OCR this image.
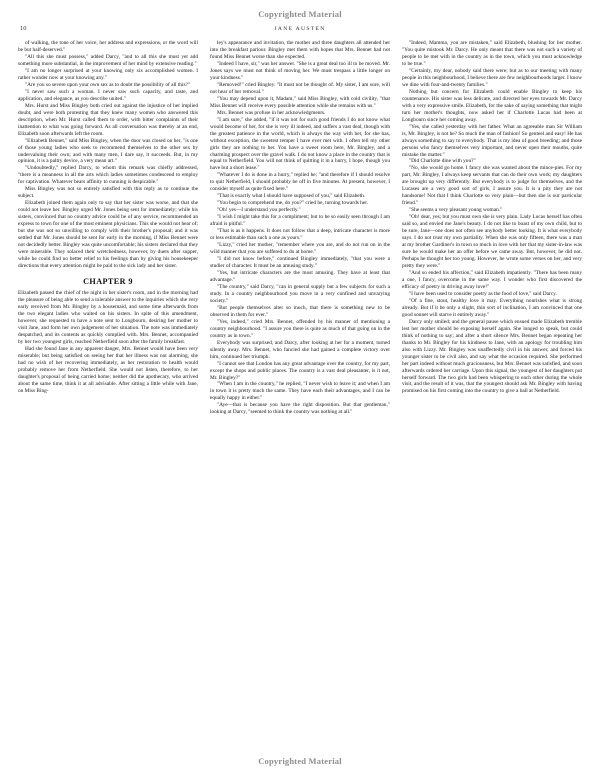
Copyrighted Material
10	JANE AUSTEN

of walking, the tone of her voice, her address and expressions, or the word will be but half-deserved."

"All this she must possess," added Darcy, "and to all this she must yet add something more substantial, in the improvement of her mind by extensive reading."

"I am no longer surprised at your knowing only six accomplished women. I rather wonder now at your knowing any."

"Are you so severe upon your own sex as to doubt the possibility of all this?"

"I never saw such a woman. I never saw such capacity, and taste, and application, and elegance, as you describe united."

Mrs. Hurst and Miss Bingley both cried out against the injustice of her implied doubt, and were both protesting that they knew many women who answered this description, when Mr. Hurst called them to order, with bitter complaints of their inattention to what was going forward. As all conversation was thereby at an end, Elizabeth soon afterwards left the room.

"Elizabeth Bennet," said Miss Bingley, when the door was closed on her, "is one of those young ladies who seek to recommend themselves to the other sex by undervaluing their own; and with many men, I dare say, it succeeds. But, in my opinion, it is a paltry device, a very mean art."

"Undoubtedly," replied Darcy, to whom this remark was chiefly addressed, "there is a meanness in all the arts which ladies sometimes condescend to employ for captivation. Whatever bears affinity to cunning is despicable."

Miss Bingley was not so entirely satisfied with this reply as to continue the subject.

Elizabeth joined them again only to say that her sister was worse, and that she could not leave her. Bingley urged Mr. Jones being sent for immediately; while his sisters, convinced that no country advice could be of any service, recommended an express to town for one of the most eminent physicians. This she would not hear of; but she was not so unwilling to comply with their brother's proposal; and it was settled that Mr. Jones should be sent for early in the morning, if Miss Bennet were not decidedly better. Bingley was quite uncomfortable; his sisters declared that they were miserable. They solaced their wretchedness, however, by duets after supper, while he could find no better relief to his feelings than by giving his housekeeper directions that every attention might be paid to the sick lady and her sister.

CHAPTER 9

Elizabeth passed the chief of the night in her sister's room, and in the morning had the pleasure of being able to send a tolerable answer to the inquiries which she very early received from Mr. Bingley by a housemaid, and some time afterwards from the two elegant ladies who waited on his sisters. In spite of this amendment, however, she requested to have a note sent to Longbourn, desiring her mother to visit Jane, and form her own judgement of her situation. The note was immediately despatched, and its contents as quickly complied with. Mrs. Bennet, accompanied by her two youngest girls, reached Netherfield soon after the family breakfast.

Had she found Jane in any apparent danger, Mrs. Bennet would have been very miserable; but being satisfied on seeing her that her illness was not alarming, she had no wish of her recovering immediately, as her restoration to health would probably remove her from Netherfield. She would not listen, therefore, to her daughter's proposal of being carried home; neither did the apothecary, who arrived about the same time, think it at all advisable. After sitting a little while with Jane, on Miss Bing-

ley's appearance and invitation, the mother and three daughters all attended her into the breakfast parlour. Bingley met them with hopes that Mrs. Bennet had not found Miss Bennet worse than she expected.

"Indeed I have, sir," was her answer. "She is a great deal too ill to be moved. Mr. Jones says we must not think of moving her. We must trespass a little longer on your kindness."

"Removed!" cried Bingley. "It must not be thought of. My sister, I am sure, will not hear of her removal."

"You may depend upon it, Madam," said Miss Bingley, with cold civility, "that Miss Bennet will receive every possible attention while she remains with us."

Mrs. Bennet was profuse in her acknowledgments.

"I am sure," she added, "if it was not for such good friends I do not know what would become of her, for she is very ill indeed, and suffers a vast deal, though with the greatest patience in the world, which is always the way with her, for she has, without exception, the sweetest temper I have ever met with. I often tell my other girls they are nothing to her. You have a sweet room here, Mr. Bingley, and a charming prospect over the gravel walk. I do not know a place in the country that is equal to Netherfield. You will not think of quitting it in a hurry, I hope, though you have but a short lease."

"Whatever I do is done in a hurry," replied he; "and therefore if I should resolve to quit Netherfield, I should probably be off in five minutes. At present, however, I consider myself as quite fixed here."

"That is exactly what I should have supposed of you," said Elizabeth.

"You begin to comprehend me, do you?" cried he, turning towards her.

"Oh! yes—I understand you perfectly."

"I wish I might take this for a compliment; but to be so easily seen through I am afraid is pitiful."

"That is as it happens. It does not follow that a deep, intricate character is more or less estimable than such a one as yours."

"Lizzy," cried her mother, "remember where you are, and do not run on in the wild manner that you are suffered to do at home."

"I did not know before," continued Bingley immediately, "that you were a studier of character. It must be an amusing study."

"Yes, but intricate characters are the most amusing. They have at least that advantage."

"The country," said Darcy, "can in general supply but a few subjects for such a study. In a country neighbourhood you move in a very confined and unvarying society."

"But people themselves alter so much, that there is something new to be observed in them for ever."

"Yes, indeed," cried Mrs. Bennet, offended by his manner of mentioning a country neighbourhood. "I assure you there is quite as much of that going on in the country as in town."

Everybody was surprised, and Darcy, after looking at her for a moment, turned silently away. Mrs. Bennet, who fancied she had gained a complete victory over him, continued her triumph.

"I cannot see that London has any great advantage over the country, for my part, except the shops and public places. The country is a vast deal pleasanter, is it not, Mr. Bingley?"

"When I am in the country," he replied, "I never wish to leave it; and when I am in town it is pretty much the same. They have each their advantages, and I can be equally happy in either."

"Aye—that is because you have the right disposition. But that gentleman," looking at Darcy, "seemed to think the country was nothing at all."

"Indeed, Mamma, you are mistaken," said Elizabeth, blushing for her mother. "You quite mistook Mr. Darcy. He only meant that there was not such a variety of people to be met with in the country as in the town, which you must acknowledge to be true."

"Certainly, my dear, nobody said there were; but as to our meeting with many people in this neighbourhood, I believe there are few neighbourhoods larger. I know we dine with four-and-twenty families."

Nothing but concern for Elizabeth could enable Bingley to keep his countenance. His sister was less delicate, and directed her eyes towards Mr. Darcy with a very expressive smile. Elizabeth, for the sake of saying something that might turn her mother's thoughts, now asked her if Charlotte Lucas had been at Longbourn since her coming away.

"Yes, she called yesterday with her father. What an agreeable man Sir William is, Mr. Bingley, is not he? So much the man of fashion! So genteel and easy! He has always something to say to everybody. That is my idea of good breeding; and those persons who fancy themselves very important, and never open their mouths, quite mistake the matter."

"Did Charlotte dine with you?"

"No, she would go home. I fancy she was wanted about the mince-pies. For my part, Mr. Bingley, I always keep servants that can do their own work; my daughters are brought up very differently. But everybody is to judge for themselves, and the Lucases are a very good sort of girls, I assure you. It is a pity they are not handsome! Not that I think Charlotte so very plain—but then she is our particular friend."

"She seems a very pleasant young woman."

"Oh! dear, yes; but you must own she is very plain. Lady Lucas herself has often said so, and envied me Jane's beauty. I do not like to boast of my own child, but to be sure, Jane—one does not often see anybody better looking. It is what everybody says. I do not trust my own partiality. When she was only fifteen, there was a man at my brother Gardiner's in town so much in love with her that my sister-in-law was sure he would make her an offer before we came away. But, however, he did not. Perhaps he thought her too young. However, he wrote some verses on her, and very pretty they were."

"And so ended his affection," said Elizabeth impatiently. "There has been many a one, I fancy, overcome in the same way. I wonder who first discovered the efficacy of poetry in driving away love!"

"I have been used to consider poetry as the food of love," said Darcy.

"Of a fine, stout, healthy love it may. Everything nourishes what is strong already. But if it be only a slight, thin sort of inclination, I am convinced that one good sonnet will starve it entirely away."

Darcy only smiled; and the general pause which ensued made Elizabeth tremble lest her mother should be exposing herself again. She longed to speak, but could think of nothing to say; and after a short silence Mrs. Bennet began repeating her thanks to Mr. Bingley for his kindness to Jane, with an apology for troubling him also with Lizzy. Mr. Bingley was unaffectedly civil in his answer, and forced his younger sister to be civil also, and say what the occasion required. She performed her part indeed without much graciousness, but Mrs. Bennet was satisfied, and soon afterwards ordered her carriage. Upon this signal, the youngest of her daughters put herself forward. The two girls had been whispering to each other during the whole visit, and the result of it was, that the youngest should ask Mr. Bingley with having promised on his first coming into the country to give a ball at Netherfield.

Copyrighted Material
